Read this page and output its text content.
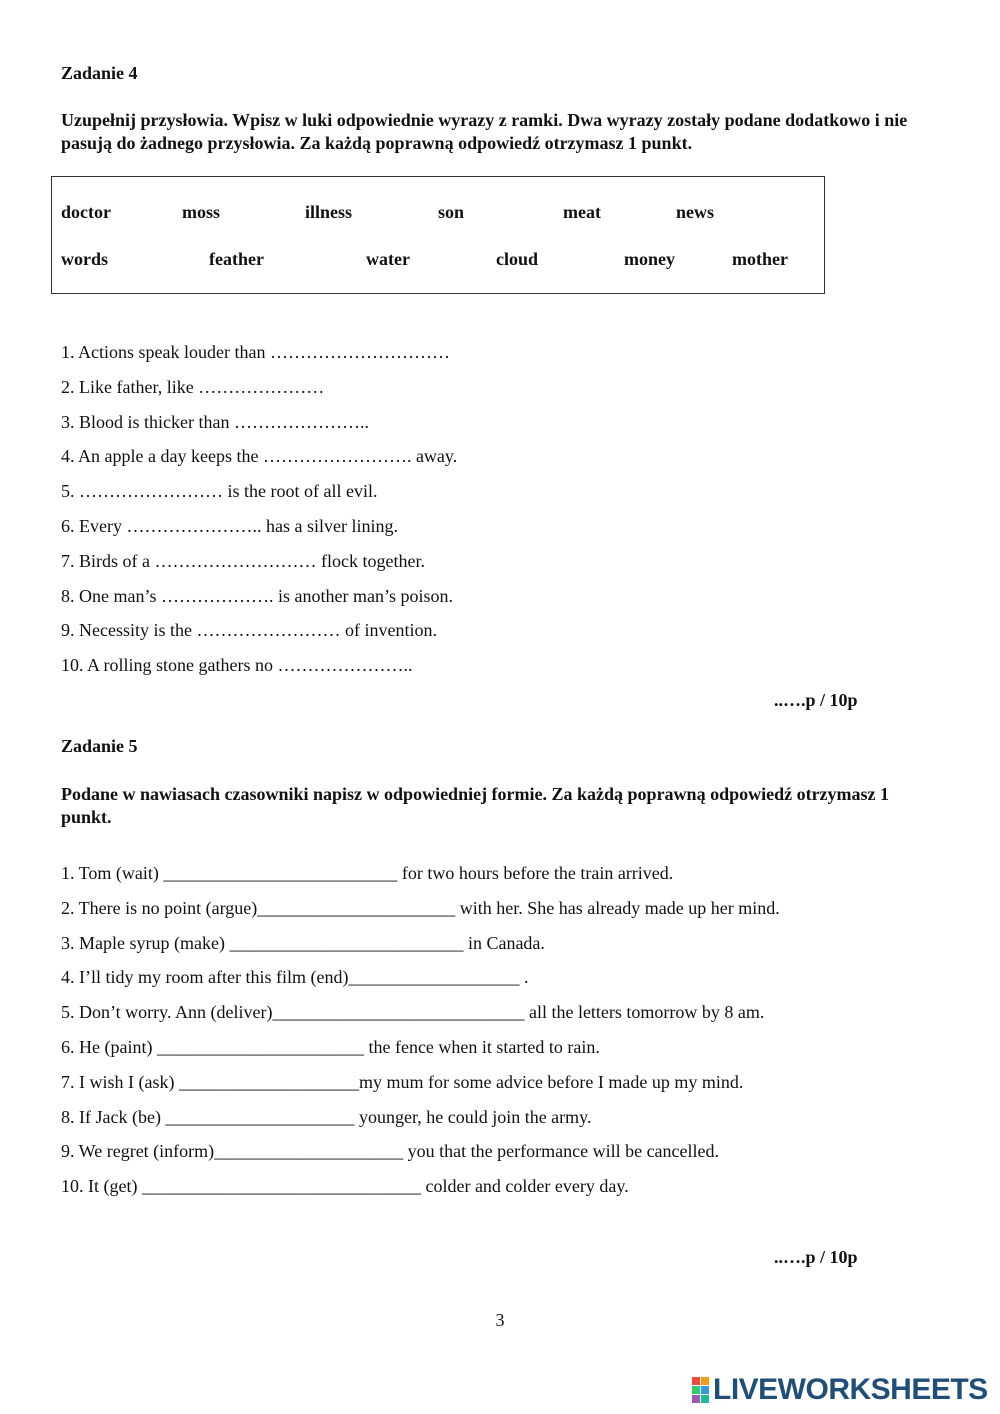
Zadanie 4
Uzupełnij przysłowia. Wpisz w luki odpowiednie wyrazy z ramki. Dwa wyrazy zostały podane dodatkowo i nie pasują do żadnego przysłowia. Za każdą poprawną odpowiedź otrzymasz 1 punkt.
doctor	moss	illness	son	meat	news
words	feather	water	cloud	money	mother
1. Actions speak louder than …………………………
2. Like father, like …………………
3. Blood is thicker than …………………..
4. An apple a day keeps the ……………………. away.
5. …………………… is the root of all evil.
6. Every ………………….. has a silver lining.
7. Birds of a ……………………… flock together.
8. One man’s ………………. is another man’s poison.
9. Necessity is the …………………… of invention.
10. A rolling stone gathers no …………………..
..….p / 10p
Zadanie 5
Podane w nawiasach czasowniki napisz w odpowiedniej formie. Za każdą poprawną odpowiedź otrzymasz 1 punkt.
1. Tom (wait) __________________________ for two hours before the train arrived.
2. There is no point (argue)______________________ with her. She has already made up her mind.
3. Maple syrup (make) __________________________ in Canada.
4. I’ll tidy my room after this film (end)___________________ .
5. Don’t worry. Ann (deliver)____________________________ all the letters tomorrow by 8 am.
6. He (paint) _______________________ the fence when it started to rain.
7. I wish I (ask) ____________________my mum for some advice before I made up my mind.
8. If Jack (be) _____________________ younger, he could join the army.
9. We regret (inform)_____________________ you that the performance will be cancelled.
10. It (get) _______________________________ colder and colder every day.
..….p / 10p
3
LIVEWORKSHEETS
